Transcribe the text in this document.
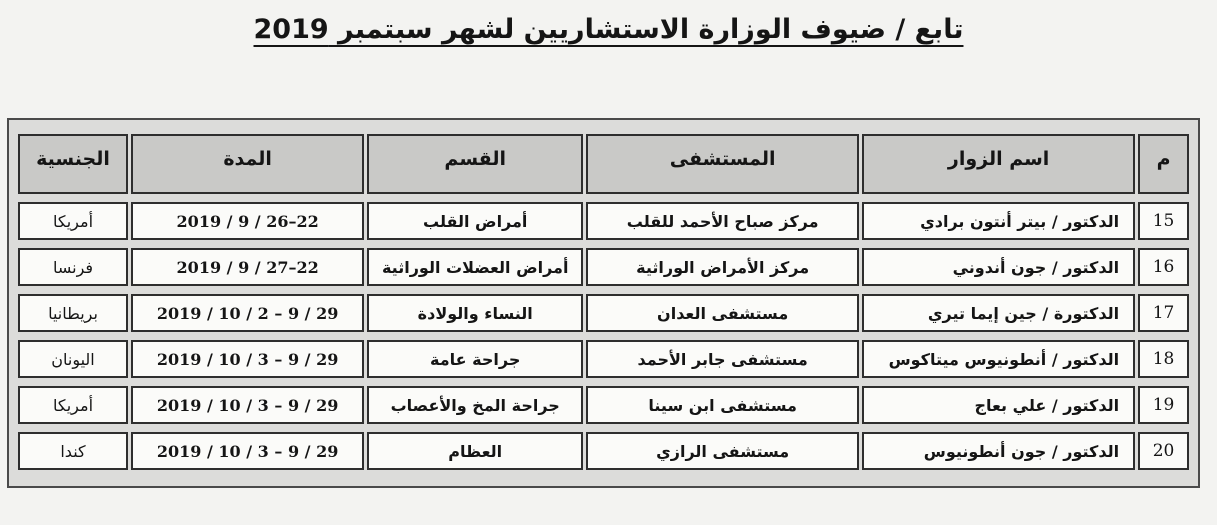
تابع / ضيوف الوزارة الاستشاريين لشهر سبتمبر 2019
م	اسم الزوار	المستشفى	القسم	المدة	الجنسية
15	الدكتور / بيتر أنتون برادي	مركز صباح الأحمد للقلب	أمراض القلب	22–26 / 9 / 2019	أمريكا
16	الدكتور / جون أندوني	مركز الأمراض الوراثية	أمراض العضلات الوراثية	22–27 / 9 / 2019	فرنسا
17	الدكتورة / جين إيما تيري	مستشفى العدان	النساء والولادة	29 / 9 – 2 / 10 / 2019	بريطانيا
18	الدكتور / أنطونيوس ميتاكوس	مستشفى جابر الأحمد	جراحة عامة	29 / 9 – 3 / 10 / 2019	اليونان
19	الدكتور / علي بعاج	مستشفى ابن سينا	جراحة المخ والأعصاب	29 / 9 – 3 / 10 / 2019	أمريكا
20	الدكتور / جون أنطونيوس	مستشفى الرازي	العظام	29 / 9 – 3 / 10 / 2019	كندا
